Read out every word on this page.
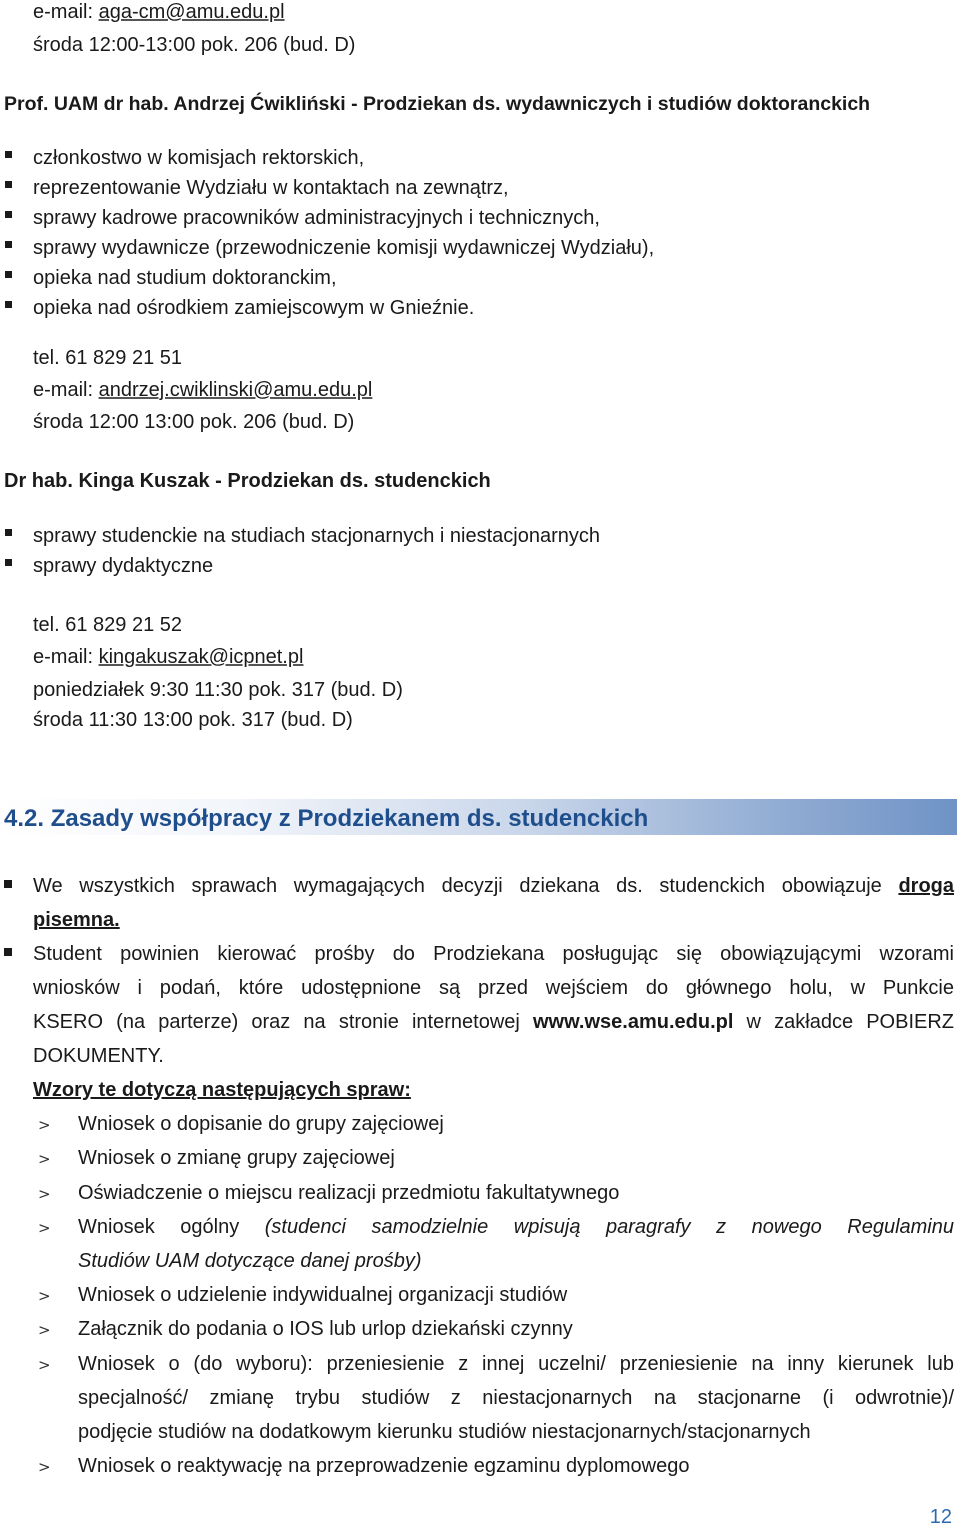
e-mail: aga-cm@amu.edu.pl
środa 12:00-13:00 pok. 206 (bud. D)
Prof. UAM dr hab. Andrzej Ćwikliński - Prodziekan ds. wydawniczych i studiów doktoranckich
członkostwo w komisjach rektorskich,
reprezentowanie Wydziału w kontaktach na zewnątrz,
sprawy kadrowe pracowników administracyjnych i technicznych,
sprawy wydawnicze (przewodniczenie komisji wydawniczej Wydziału),
opieka nad studium doktoranckim,
opieka nad ośrodkiem zamiejscowym w Gnieźnie.
tel. 61 829 21 51
e-mail: andrzej.cwiklinski@amu.edu.pl
środa 12:00 13:00 pok. 206 (bud. D)
Dr hab. Kinga Kuszak - Prodziekan ds. studenckich
sprawy studenckie na studiach stacjonarnych i niestacjonarnych
sprawy dydaktyczne
tel. 61 829 21 52
e-mail: kingakuszak@icpnet.pl
poniedziałek 9:30 11:30 pok. 317 (bud. D)
środa 11:30 13:00 pok. 317 (bud. D)
4.2. Zasady współpracy z Prodziekanem ds. studenckich
We wszystkich sprawach wymagających decyzji dziekana ds. studenckich obowiązuje droga
pisemna.
Student powinien kierować prośby do Prodziekana posługując się obowiązującymi wzorami
wniosków i podań, które udostępnione są przed wejściem do głównego holu, w Punkcie
KSERO (na parterze) oraz na stronie internetowej www.wse.amu.edu.pl w zakładce POBIERZ
DOKUMENTY.
Wzory te dotyczą następujących spraw:
> Wniosek o dopisanie do grupy zajęciowej
> Wniosek o zmianę grupy zajęciowej
> Oświadczenie o miejscu realizacji przedmiotu fakultatywnego
> Wniosek ogólny (studenci samodzielnie wpisują paragrafy z nowego Regulaminu
Studiów UAM dotyczące danej prośby)
> Wniosek o udzielenie indywidualnej organizacji studiów
> Załącznik do podania o IOS lub urlop dziekański czynny
> Wniosek o (do wyboru): przeniesienie z innej uczelni/ przeniesienie na inny kierunek lub
specjalność/ zmianę trybu studiów z niestacjonarnych na stacjonarne (i odwrotnie)/
podjęcie studiów na dodatkowym kierunku studiów niestacjonarnych/stacjonarnych
> Wniosek o reaktywację na przeprowadzenie egzaminu dyplomowego
12
